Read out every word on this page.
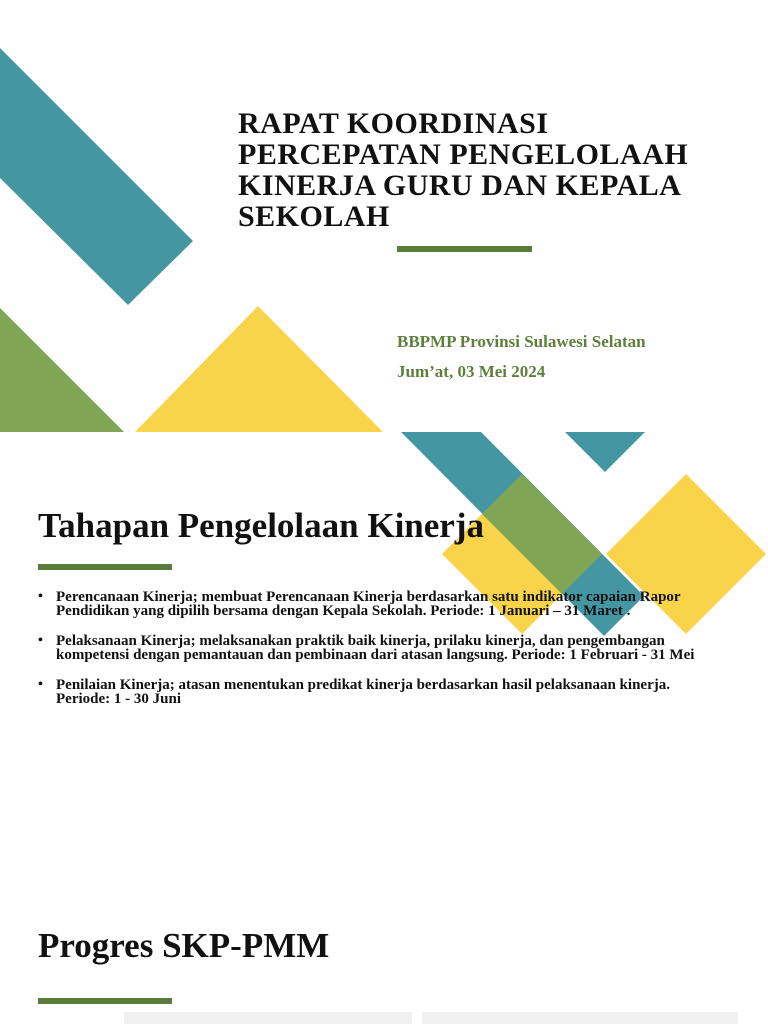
RAPAT KOORDINASI
PERCEPATAN PENGELOLAAH
KINERJA GURU DAN KEPALA
SEKOLAH
BBPMP Provinsi Sulawesi Selatan
Jum’at, 03 Mei 2024
Tahapan Pengelolaan Kinerja
• Perencanaan Kinerja; membuat Perencanaan Kinerja berdasarkan satu indikator capaian Rapor
Pendidikan yang dipilih bersama dengan Kepala Sekolah. Periode: 1 Januari – 31 Maret .
• Pelaksanaan Kinerja; melaksanakan praktik baik kinerja, prilaku kinerja, dan pengembangan
kompetensi dengan pemantauan dan pembinaan dari atasan langsung. Periode: 1 Februari - 31 Mei
• Penilaian Kinerja; atasan menentukan predikat kinerja berdasarkan hasil pelaksanaan kinerja.
Periode: 1 - 30 Juni
Progres SKP-PMM
